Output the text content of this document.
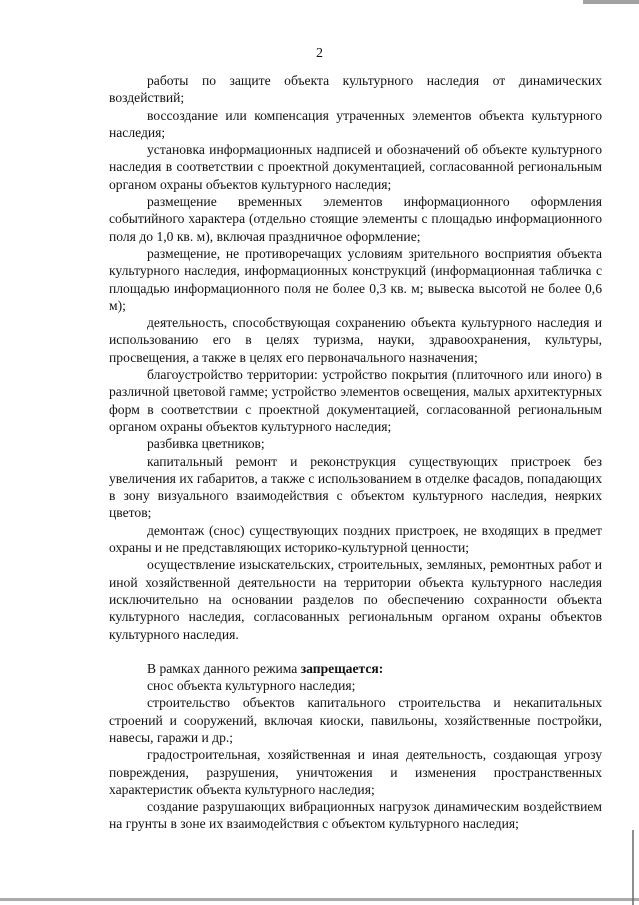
2

работы по защите объекта культурного наследия от динамических воздействий;

воссоздание или компенсация утраченных элементов объекта культурного наследия;

установка информационных надписей и обозначений об объекте культурного наследия в соответствии с проектной документацией, согласованной региональным органом охраны объектов культурного наследия;

размещение временных элементов информационного оформления событийного характера (отдельно стоящие элементы с площадью информационного поля до 1,0 кв. м), включая праздничное оформление;

размещение, не противоречащих условиям зрительного восприятия объекта культурного наследия, информационных конструкций (информационная табличка с площадью информационного поля не более 0,3 кв. м; вывеска высотой не более 0,6 м);

деятельность, способствующая сохранению объекта культурного наследия и использованию его в целях туризма, науки, здравоохранения, культуры, просвещения, а также в целях его первоначального назначения;

благоустройство территории: устройство покрытия (плиточного или иного) в различной цветовой гамме; устройство элементов освещения, малых архитектурных форм в соответствии с проектной документацией, согласованной региональным органом охраны объектов культурного наследия;

разбивка цветников;

капитальный ремонт и реконструкция существующих пристроек без увеличения их габаритов, а также с использованием в отделке фасадов, попадающих в зону визуального взаимодействия с объектом культурного наследия, неярких цветов;

демонтаж (снос) существующих поздних пристроек, не входящих в предмет охраны и не представляющих историко-культурной ценности;

осуществление изыскательских, строительных, земляных, ремонтных работ и иной хозяйственной деятельности на территории объекта культурного наследия исключительно на основании разделов по обеспечению сохранности объекта культурного наследия, согласованных региональным органом охраны объектов культурного наследия.

В рамках данного режима запрещается:

снос объекта культурного наследия;

строительство объектов капитального строительства и некапитальных строений и сооружений, включая киоски, павильоны, хозяйственные постройки, навесы, гаражи и др.;

градостроительная, хозяйственная и иная деятельность, создающая угрозу повреждения, разрушения, уничтожения и изменения пространственных характеристик объекта культурного наследия;

создание разрушающих вибрационных нагрузок динамическим воздействием на грунты в зоне их взаимодействия с объектом культурного наследия;
